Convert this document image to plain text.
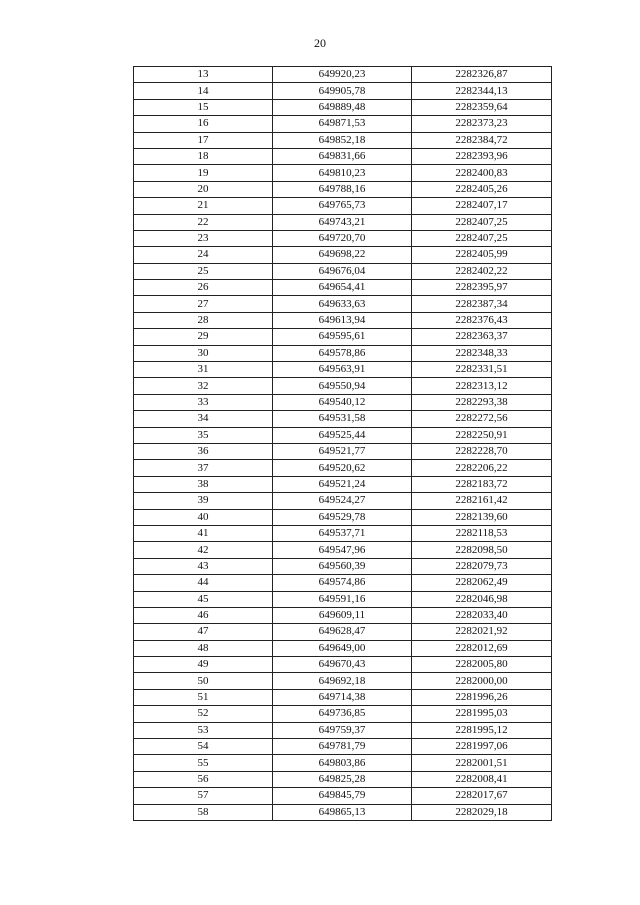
20
13	649920,23	2282326,87
14	649905,78	2282344,13
15	649889,48	2282359,64
16	649871,53	2282373,23
17	649852,18	2282384,72
18	649831,66	2282393,96
19	649810,23	2282400,83
20	649788,16	2282405,26
21	649765,73	2282407,17
22	649743,21	2282407,25
23	649720,70	2282407,25
24	649698,22	2282405,99
25	649676,04	2282402,22
26	649654,41	2282395,97
27	649633,63	2282387,34
28	649613,94	2282376,43
29	649595,61	2282363,37
30	649578,86	2282348,33
31	649563,91	2282331,51
32	649550,94	2282313,12
33	649540,12	2282293,38
34	649531,58	2282272,56
35	649525,44	2282250,91
36	649521,77	2282228,70
37	649520,62	2282206,22
38	649521,24	2282183,72
39	649524,27	2282161,42
40	649529,78	2282139,60
41	649537,71	2282118,53
42	649547,96	2282098,50
43	649560,39	2282079,73
44	649574,86	2282062,49
45	649591,16	2282046,98
46	649609,11	2282033,40
47	649628,47	2282021,92
48	649649,00	2282012,69
49	649670,43	2282005,80
50	649692,18	2282000,00
51	649714,38	2281996,26
52	649736,85	2281995,03
53	649759,37	2281995,12
54	649781,79	2281997,06
55	649803,86	2282001,51
56	649825,28	2282008,41
57	649845,79	2282017,67
58	649865,13	2282029,18
